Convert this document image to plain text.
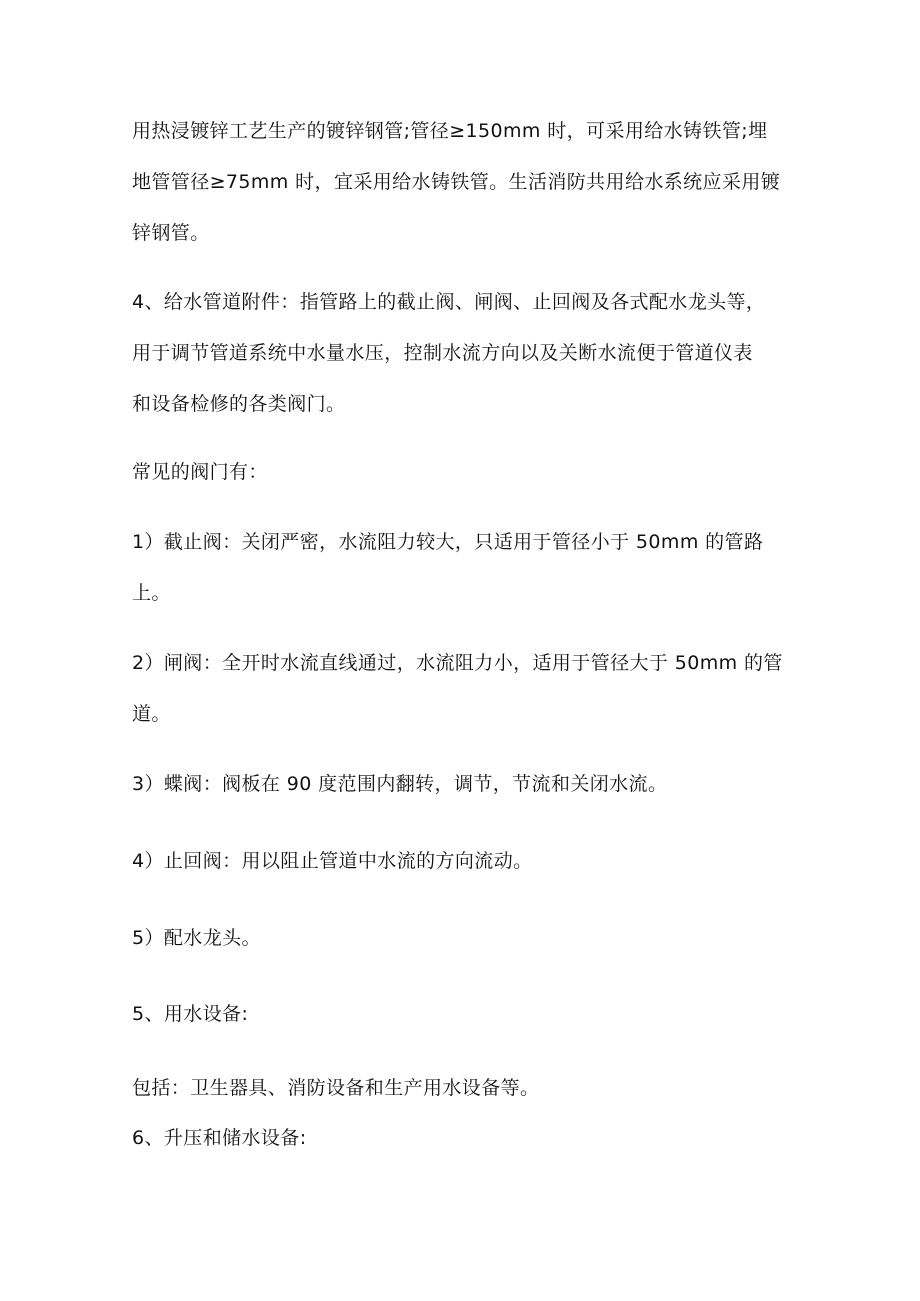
用热浸镀锌工艺生产的镀锌钢管;管径≥150mm 时，可采用给水铸铁管;埋
地管管径≥75mm 时，宜采用给水铸铁管。生活消防共用给水系统应采用镀
锌钢管。
4、给水管道附件：指管路上的截止阀、闸阀、止回阀及各式配水龙头等，
用于调节管道系统中水量水压，控制水流方向以及关断水流便于管道仪表
和设备检修的各类阀门。
常见的阀门有：
1）截止阀：关闭严密，水流阻力较大，只适用于管径小于 50mm 的管路
上。
2）闸阀：全开时水流直线通过，水流阻力小，适用于管径大于 50mm 的管
道。
3）蝶阀：阀板在 90 度范围内翻转，调节，节流和关闭水流。
4）止回阀：用以阻止管道中水流的方向流动。
5）配水龙头。
5、用水设备:
包括：卫生器具、消防设备和生产用水设备等。
6、升压和储水设备:
